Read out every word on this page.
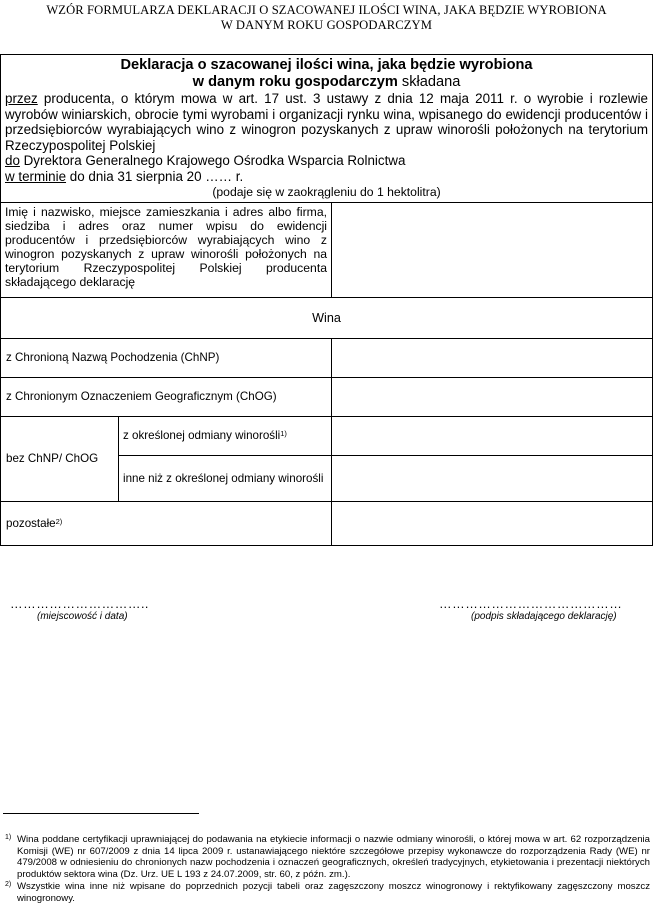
WZÓR FORMULARZA DEKLARACJI O SZACOWANEJ ILOŚCI WINA, JAKA BĘDZIE WYROBIONA
W DANYM ROKU GOSPODARCZYM
Deklaracja o szacowanej ilości wina, jaka będzie wyrobiona
w danym roku gospodarczym składana
przez producenta, o którym mowa w art. 17 ust. 3 ustawy z dnia 12 maja 2011 r. o wyrobie i rozlewie wyrobów winiarskich, obrocie tymi wyrobami i organizacji rynku wina, wpisanego do ewidencji producentów i przedsiębiorców wyrabiających wino z winogron pozyskanych z upraw winorośli położonych na terytorium Rzeczypospolitej Polskiej
do Dyrektora Generalnego Krajowego Ośrodka Wsparcia Rolnictwa
w terminie do dnia 31 sierpnia 20 …… r.
(podaje się w zaokrągleniu do 1 hektolitra)
Imię i nazwisko, miejsce zamieszkania i adres albo firma, siedziba i adres oraz numer wpisu do ewidencji producentów i przedsiębiorców wyrabiających wino z winogron pozyskanych z upraw winorośli położonych na terytorium Rzeczypospolitej Polskiej producenta składającego deklarację
Wina
z Chronioną Nazwą Pochodzenia (ChNP)
z Chronionym Oznaczeniem Geograficznym (ChOG)
bez ChNP/ ChOG
z określonej odmiany winorośli$^{1)}$
inne niż z określonej odmiany winorośli
pozostałe$^{2)}$
…………………………..
(miejscowość i data)
……………………………………
(podpis składającego deklarację)
1) Wina poddane certyfikacji uprawniającej do podawania na etykiecie informacji o nazwie odmiany winorośli, o której mowa w art. 62 rozporządzenia Komisji (WE) nr 607/2009 z dnia 14 lipca 2009 r. ustanawiającego niektóre szczegółowe przepisy wykonawcze do rozporządzenia Rady (WE) nr 479/2008 w odniesieniu do chronionych nazw pochodzenia i oznaczeń geograficznych, określeń tradycyjnych, etykietowania i prezentacji niektórych produktów sektora wina (Dz. Urz. UE L 193 z 24.07.2009, str. 60, z późn. zm.).
2) Wszystkie wina inne niż wpisane do poprzednich pozycji tabeli oraz zagęszczony moszcz winogronowy i rektyfikowany zagęszczony moszcz winogronowy.
